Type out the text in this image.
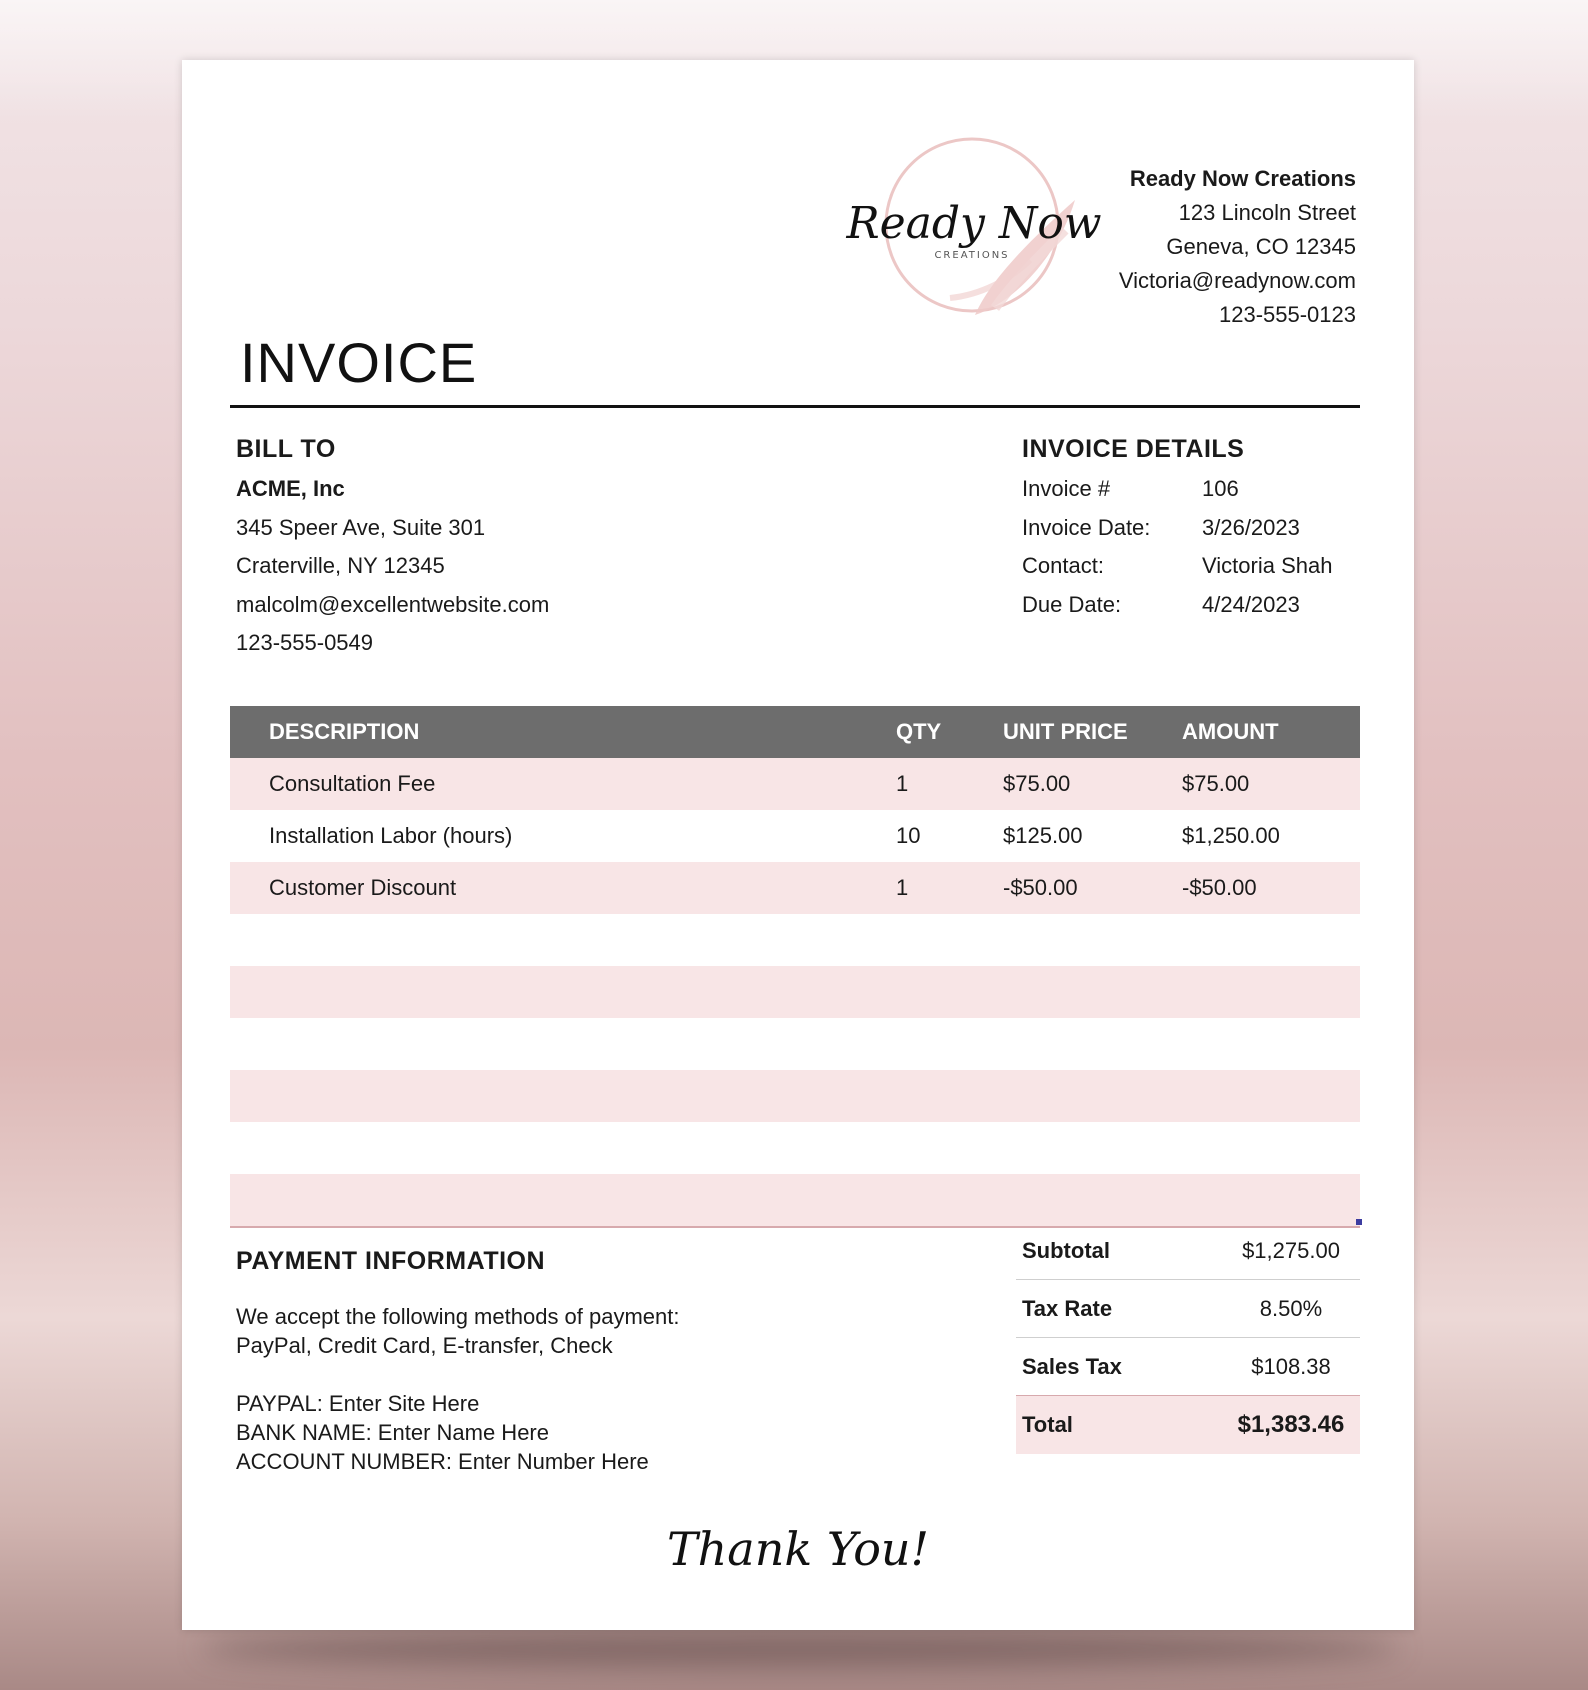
Ready Now
CREATIONS
Ready Now Creations
123 Lincoln Street
Geneva, CO 12345
Victoria@readynow.com
123-555-0123
INVOICE
BILL TO
ACME, Inc
345 Speer Ave, Suite 301
Craterville, NY 12345
malcolm@excellentwebsite.com
123-555-0549
INVOICE DETAILS
Invoice #	106
Invoice Date:	3/26/2023
Contact:	Victoria Shah
Due Date:	4/24/2023
DESCRIPTION	QTY	UNIT PRICE	AMOUNT
Consultation Fee	1	$75.00	$75.00
Installation Labor (hours)	10	$125.00	$1,250.00
Customer Discount	1	-$50.00	-$50.00
PAYMENT INFORMATION
We accept the following methods of payment:
PayPal, Credit Card, E-transfer, Check
PAYPAL: Enter Site Here
BANK NAME: Enter Name Here
ACCOUNT NUMBER: Enter Number Here
Subtotal	$1,275.00
Tax Rate	8.50%
Sales Tax	$108.38
Total	$1,383.46
Thank You!
